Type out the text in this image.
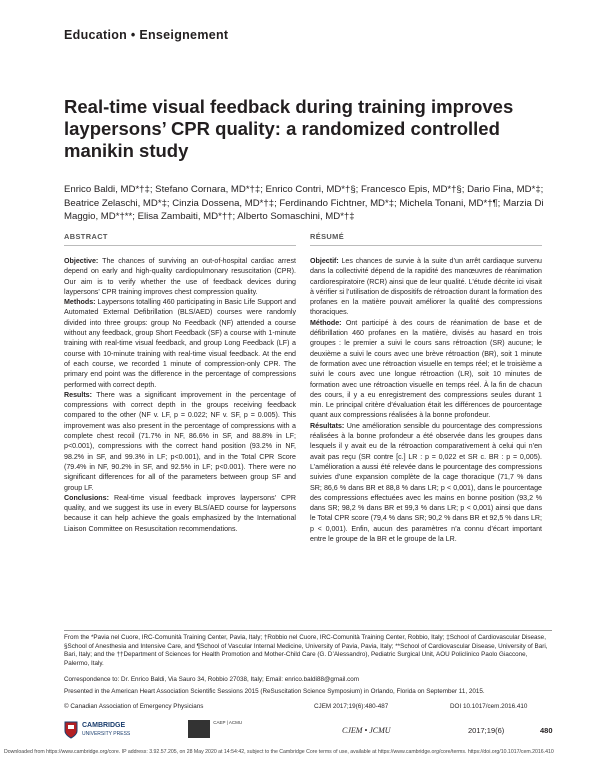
Education • Enseignement
Real-time visual feedback during training improves laypersons’ CPR quality: a randomized controlled manikin study
Enrico Baldi, MD*†‡; Stefano Cornara, MD*†‡; Enrico Contri, MD*†§; Francesco Epis, MD*†§; Dario Fina, MD*‡; Beatrice Zelaschi, MD*‡; Cinzia Dossena, MD*†‡; Ferdinando Fichtner, MD*‡; Michela Tonani, MD*†¶; Marzia Di Maggio, MD*†**; Elisa Zambaiti, MD*††; Alberto Somaschini, MD*†‡
ABSTRACT

Objective: The chances of surviving an out-of-hospital cardiac arrest depend on early and high-quality cardiopulmonary resuscitation (CPR). Our aim is to verify whether the use of feedback devices during laypersons’ CPR training improves chest compression quality.

Methods: Laypersons totalling 460 participating in Basic Life Support and Automated External Defibrillation (BLS/AED) courses were randomly divided into three groups: group No Feedback (NF) attended a course without any feedback, group Short Feedback (SF) a course with 1-minute training with real-time visual feedback, and group Long Feedback (LF) a course with 10-minute training with real-time visual feedback. At the end of each course, we recorded 1 minute of compression-only CPR. The primary end point was the difference in the percentage of compressions performed with correct depth.

Results: There was a significant improvement in the percentage of compressions with correct depth in the groups receiving feedback compared to the other (NF v. LF, p = 0.022; NF v. SF, p = 0.005). This improvement was also present in the percentage of compressions with a complete chest recoil (71.7% in NF, 86.6% in SF, and 88.8% in LF; p<0.001), compressions with the correct hand position (93.2% in NF, 98.2% in SF, and 99.3% in LF; p<0.001), and in the Total CPR Score (79.4% in NF, 90.2% in SF, and 92.5% in LF; p<0.001). There were no significant differences for all of the parameters between group SF and group LF.

Conclusions: Real-time visual feedback improves laypersons’ CPR quality, and we suggest its use in every BLS/AED course for laypersons because it can help achieve the goals emphasized by the International Liaison Committee on Resuscitation recommendations.

RÉSUMÉ

Objectif: Les chances de survie à la suite d’un arrêt cardiaque survenu dans la collectivité dépend de la rapidité des manœuvres de réanimation cardiorespiratoire (RCR) ainsi que de leur qualité. L’étude décrite ici visait à vérifier si l’utilisation de dispositifs de rétroaction durant la formation des profanes en la matière pouvait améliorer la qualité des compressions thoraciques.

Méthode: Ont participé à des cours de réanimation de base et de défibrillation 460 profanes en la matière, divisés au hasard en trois groupes : le premier a suivi le cours sans rétroaction (SR) aucune; le deuxième a suivi le cours avec une brève rétroaction (BR), soit 1 minute de formation avec une rétroaction visuelle en temps réel; et le troisième a suivi le cours avec une longue rétroaction (LR), soit 10 minutes de formation avec une rétroaction visuelle en temps réel. À la fin de chacun des cours, il y a eu enregistrement des compressions seules durant 1 min. Le principal critère d’évaluation était les différences de pourcentage quant aux compressions réalisées à la bonne profondeur.

Résultats: Une amélioration sensible du pourcentage des compressions réalisées à la bonne profondeur a été observée dans les groupes dans lesquels il y avait eu de la rétroaction comparativement à celui qui n’en avait pas reçu (SR contre [c.] LR : p = 0,022 et SR c. BR : p = 0,005). L’amélioration a aussi été relevée dans le pourcentage des compressions suivies d’une expansion complète de la cage thoracique (71,7 % dans SR; 86,6 % dans BR et 88,8 % dans LR; p < 0,001), dans le pourcentage des compressions effectuées avec les mains en bonne position (93,2 % dans SR; 98,2 % dans BR et 99,3 % dans LR; p < 0,001) ainsi que dans le Total CPR score (79,4 % dans SR; 90,2 % dans BR et 92,5 % dans LR; p < 0,001). Enfin, aucun des paramètres n’a connu d’écart important entre le groupe de la BR et le groupe de la LR.

From the *Pavia nel Cuore, IRC-Comunità Training Center, Pavia, Italy; †Robbio nel Cuore, IRC-Comunità Training Center, Robbio, Italy; ‡School of Cardiovascular Disease, §School of Anesthesia and Intensive Care, and ¶School of Vascular Internal Medicine, University of Pavia, Pavia, Italy; **School of Cardiovascular Disease, University of Bari, Bari, Italy; and the ††Department of Sciences for Health Promotion and Mother-Child Care (G. D’Alessandro), Pediatric Surgical Unit, AOU Policlinico Paolo Giaccone, Palermo, Italy.
Correspondence to: Dr. Enrico Baldi, Via Sauro 34, Robbio 27038, Italy; Email: enrico.baldi88@gmail.com
Presented in the American Heart Association Scientific Sessions 2015 (ReSuscitation Science Symposium) in Orlando, Florida on September 11, 2015.
© Canadian Association of Emergency Physicians	CJEM 2017;19(6):480-487	DOI 10.1017/cem.2016.410
CAMBRIDGE
UNIVERSITY PRESS
CAEP | ACMU
CJEM • JCMU	2017;19(6)	480
Downloaded from https://www.cambridge.org/core. IP address: 3.92.57.205, on 28 May 2020 at 14:54:42, subject to the Cambridge Core terms of use, available at https://www.cambridge.org/core/terms. https://doi.org/10.1017/cem.2016.410
